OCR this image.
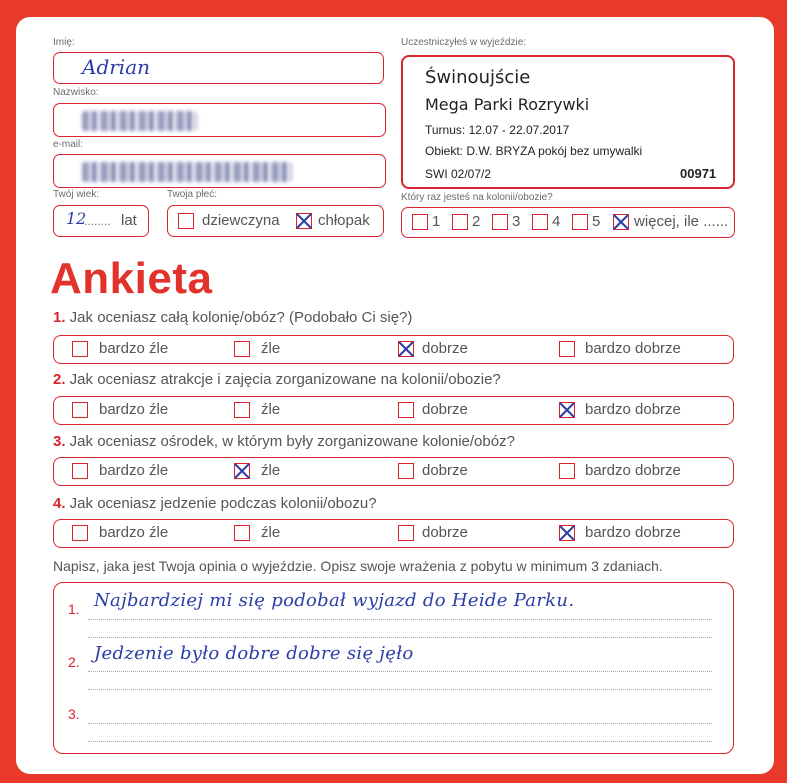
Imię:
Adrian
Nazwisko:
e-mail:
Twój wiek:
12
........ lat
Twoja płeć:
dziewczyna	chłopak
Uczestniczyłeś w wyjeździe:
Świnoujście
Mega Parki Rozrywki
Turnus: 12.07 - 22.07.2017
Obiekt: D.W. BRYZA pokój bez umywalki
SWI 02/07/2	00971
Który raz jesteś na kolonii/obozie?
1 2 3 4 5 więcej, ile ......
Ankieta
1. Jak oceniasz całą kolonię/obóz? (Podobało Ci się?)
bardzo źle	źle	dobrze	bardzo dobrze
2. Jak oceniasz atrakcje i zajęcia zorganizowane na kolonii/obozie?
bardzo źle	źle	dobrze	bardzo dobrze
3. Jak oceniasz ośrodek, w którym były zorganizowane kolonie/obóz?
bardzo źle	źle	dobrze	bardzo dobrze
4. Jak oceniasz jedzenie podczas kolonii/obozu?
bardzo źle	źle	dobrze	bardzo dobrze
Napisz, jaka jest Twoja opinia o wyjeździe. Opisz swoje wrażenia z pobytu w minimum 3 zdaniach.
1. Najbardziej mi się podobał wyjazd do Heide Parku.
2. Jedzenie było dobre dobre się jęło
3.
